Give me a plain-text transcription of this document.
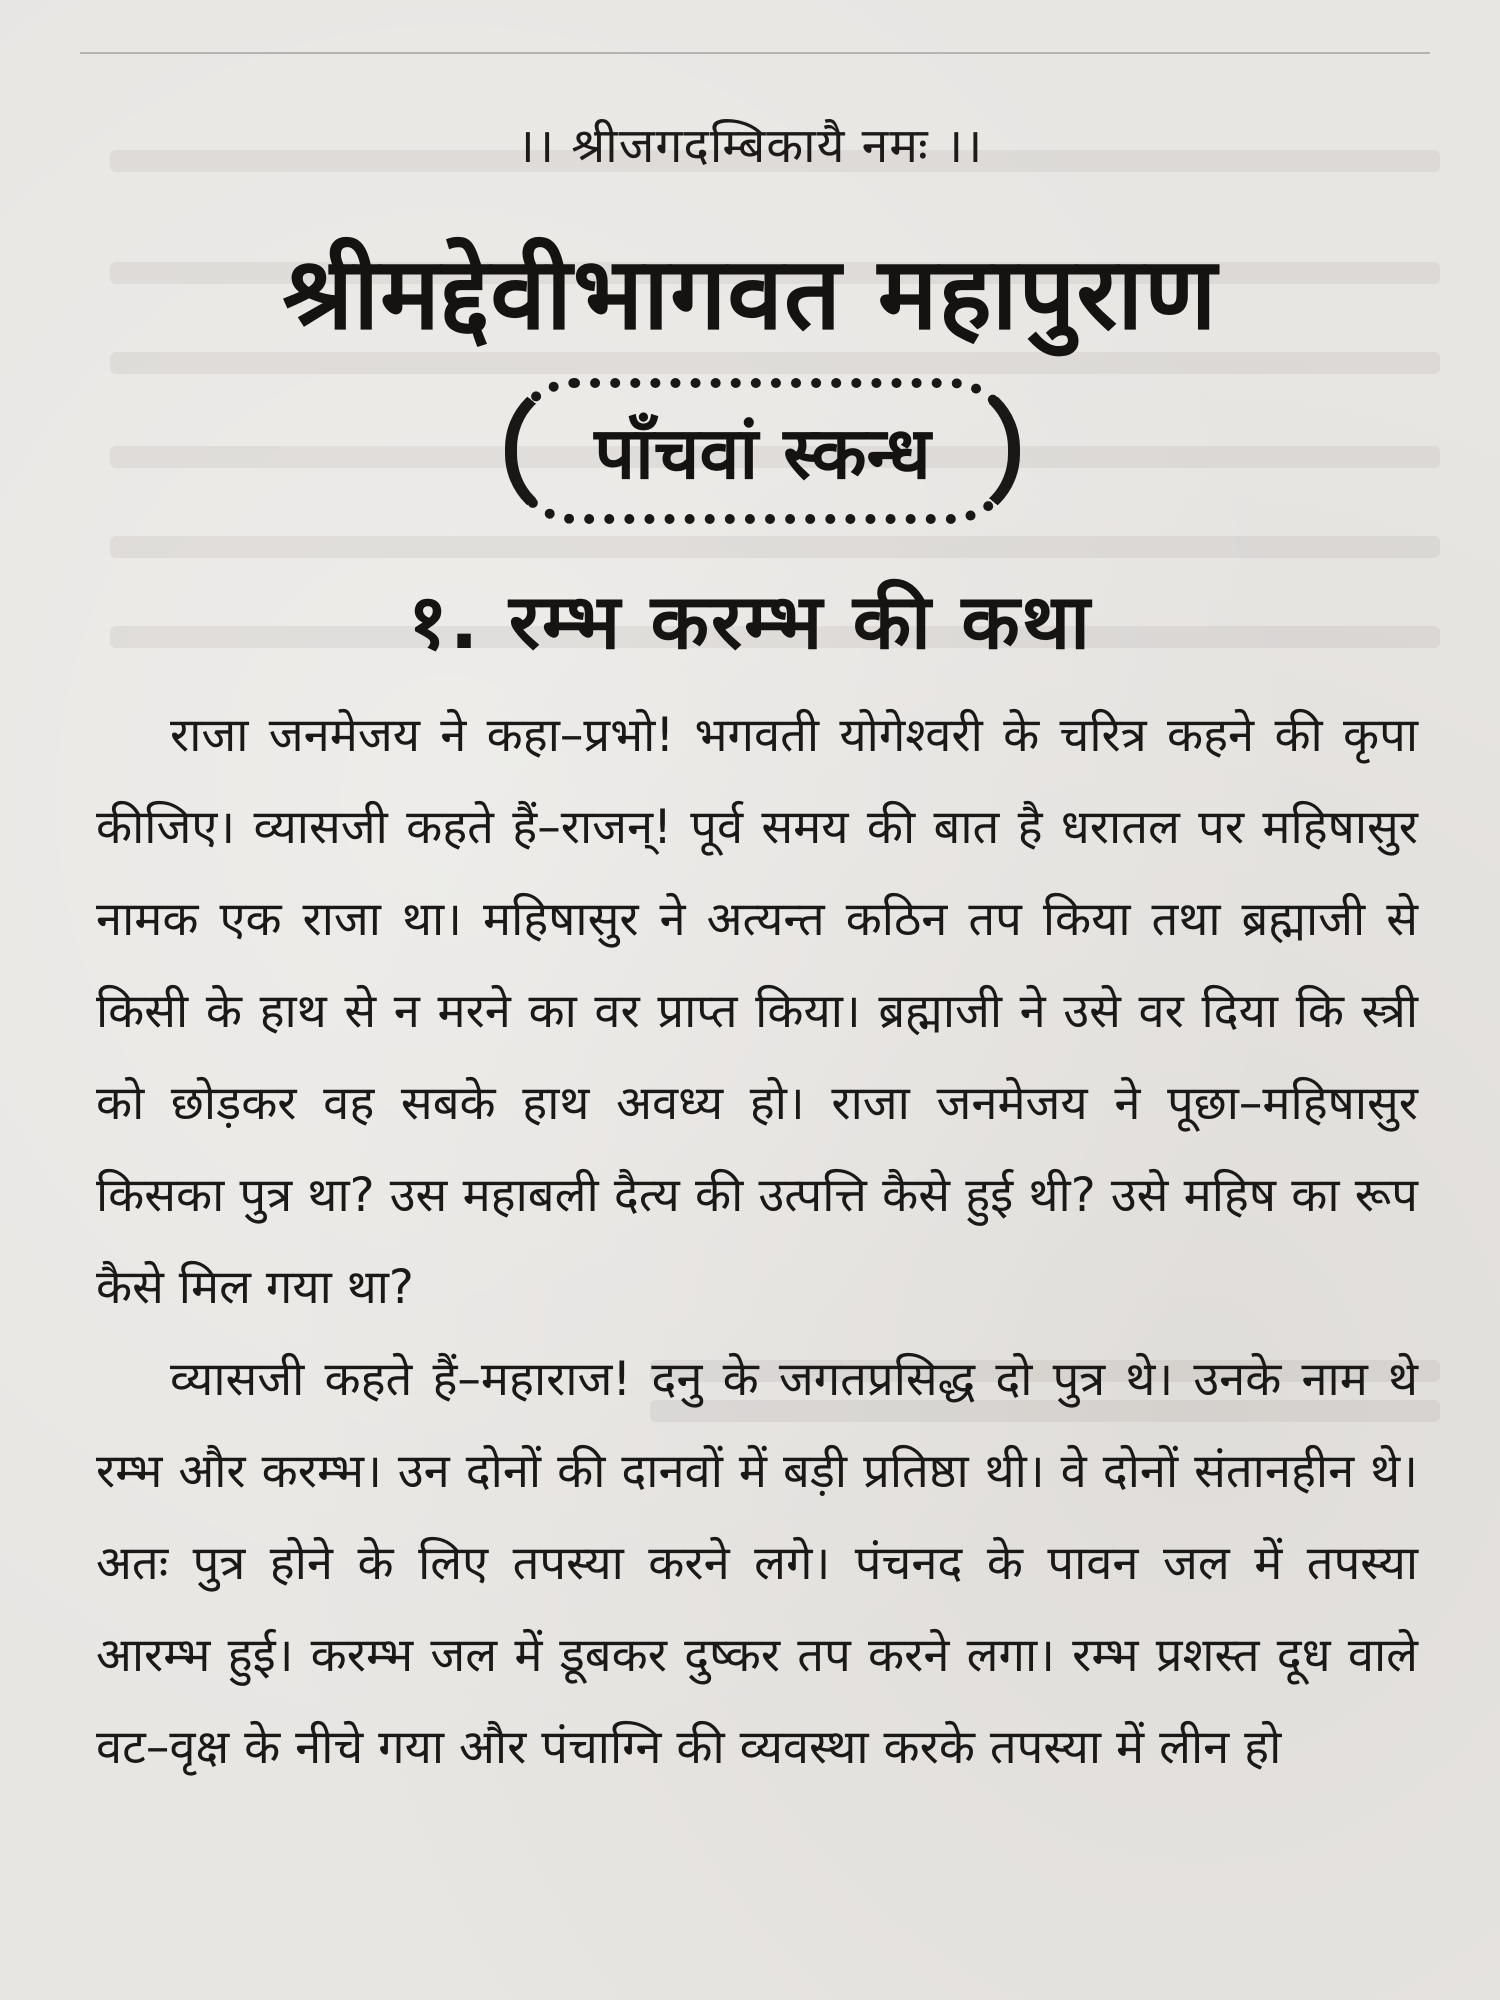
।। श्रीजगदम्बिकायै नमः ।।
श्रीमद्देवीभागवत महापुराण
पाँचवां स्कन्ध
१. रम्भ करम्भ की कथा

राजा जनमेजय ने कहा–प्रभो! भगवती योगेश्वरी के चरित्र कहने की कृपा कीजिए। व्यासजी कहते हैं–राजन्! पूर्व समय की बात है धरातल पर महिषासुर नामक एक राजा था। महिषासुर ने अत्यन्त कठिन तप किया तथा ब्रह्माजी से किसी के हाथ से न मरने का वर प्राप्त किया। ब्रह्माजी ने उसे वर दिया कि स्त्री को छोड़कर वह सबके हाथ अवध्य हो। राजा जनमेजय ने पूछा–महिषासुर किसका पुत्र था? उस महाबली दैत्य की उत्पत्ति कैसे हुई थी? उसे महिष का रूप कैसे मिल गया था?

व्यासजी कहते हैं–महाराज! दनु के जगतप्रसिद्ध दो पुत्र थे। उनके नाम थे रम्भ और करम्भ। उन दोनों की दानवों में बड़ी प्रतिष्ठा थी। वे दोनों संतानहीन थे। अतः पुत्र होने के लिए तपस्या करने लगे। पंचनद के पावन जल में तपस्या आरम्भ हुई। करम्भ जल में डूबकर दुष्कर तप करने लगा। रम्भ प्रशस्त दूध वाले वट–वृक्ष के नीचे गया और पंचाग्नि की व्यवस्था करके तपस्या में लीन हो
